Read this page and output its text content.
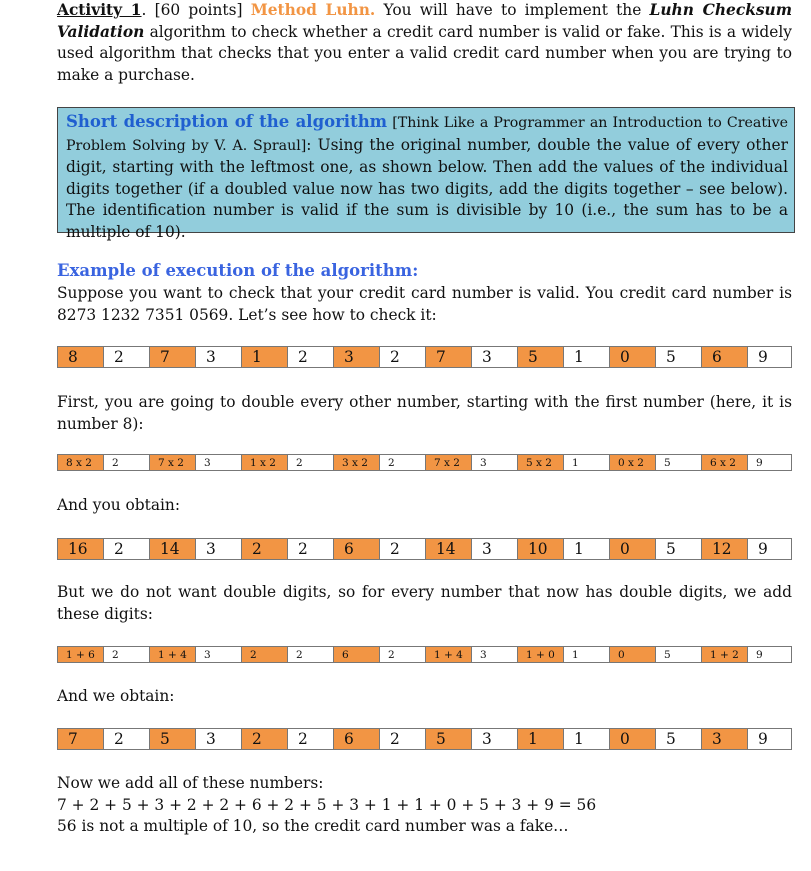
Activity 1. [60 points] Method Luhn. You will have to implement the Luhn Checksum Validation algorithm to check whether a credit card number is valid or fake. This is a widely used algorithm that checks that you enter a valid credit card number when you are trying to make a purchase.

Short description of the algorithm [Think Like a Programmer an Introduction to Creative Problem Solving by V. A. Spraul]: Using the original number, double the value of every other digit, starting with the leftmost one, as shown below. Then add the values of the individual digits together (if a doubled value now has two digits, add the digits together – see below). The identification number is valid if the sum is divisible by 10 (i.e., the sum has to be a multiple of 10).
Example of execution of the algorithm:

Suppose you want to check that your credit card number is valid. You credit card number is 8273 1232 7351 0569. Let’s see how to check it:

8	2	7	3	1	2	3	2	7	3	5	1	0	5	6	9

First, you are going to double every other number, starting with the first number (here, it is number 8):

8 x 2	2	7 x 2	3	1 x 2	2	3 x 2	2	7 x 2	3	5 x 2	1	0 x 2	5	6 x 2	9

And you obtain:

16	2	14	3	2	2	6	2	14	3	10	1	0	5	12	9

But we do not want double digits, so for every number that now has double digits, we add these digits:

1 + 6	2	1 + 4	3	2	2	6	2	1 + 4	3	1 + 0	1	0	5	1 + 2	9

And we obtain:

7	2	5	3	2	2	6	2	5	3	1	1	0	5	3	9

Now we add all of these numbers:

7 + 2 + 5 + 3 + 2 + 2 + 6 + 2 + 5 + 3 + 1 + 1 + 0 + 5 + 3 + 9 = 56

56 is not a multiple of 10, so the credit card number was a fake…
